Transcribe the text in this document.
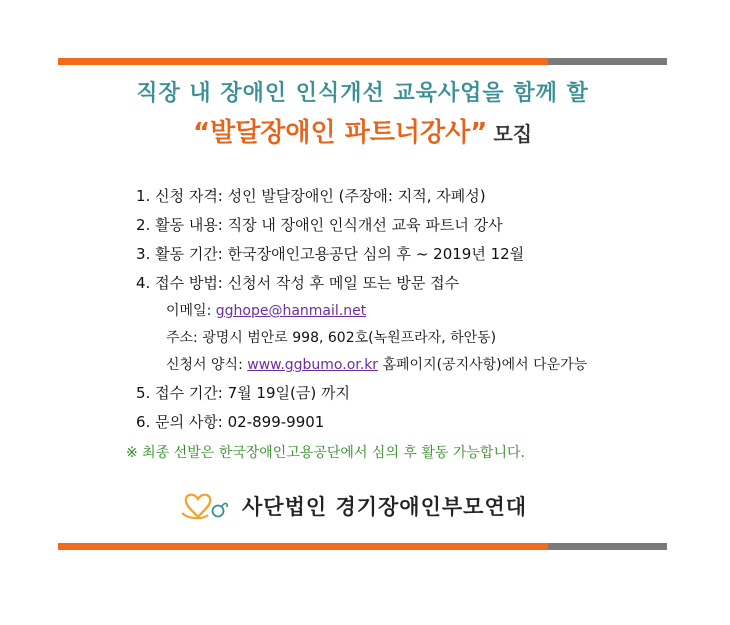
직장 내 장애인 인식개선 교육사업을 함께 할
“발달장애인 파트너강사” 모집
1. 신청 자격: 성인 발달장애인 (주장애: 지적, 자폐성)
2. 활동 내용: 직장 내 장애인 인식개선 교육 파트너 강사
3. 활동 기간: 한국장애인고용공단 심의 후 ~ 2019년 12월
4. 접수 방법: 신청서 작성 후 메일 또는 방문 접수
이메일: gghope@hanmail.net
주소: 광명시 범안로 998, 602호(녹원프라자, 하안동)
신청서 양식: www.ggbumo.or.kr 홈페이지(공지사항)에서 다운가능
5. 접수 기간: 7월 19일(금) 까지
6. 문의 사항: 02-899-9901
※ 최종 선발은 한국장애인고용공단에서 심의 후 활동 가능합니다.
사단법인 경기장애인부모연대
